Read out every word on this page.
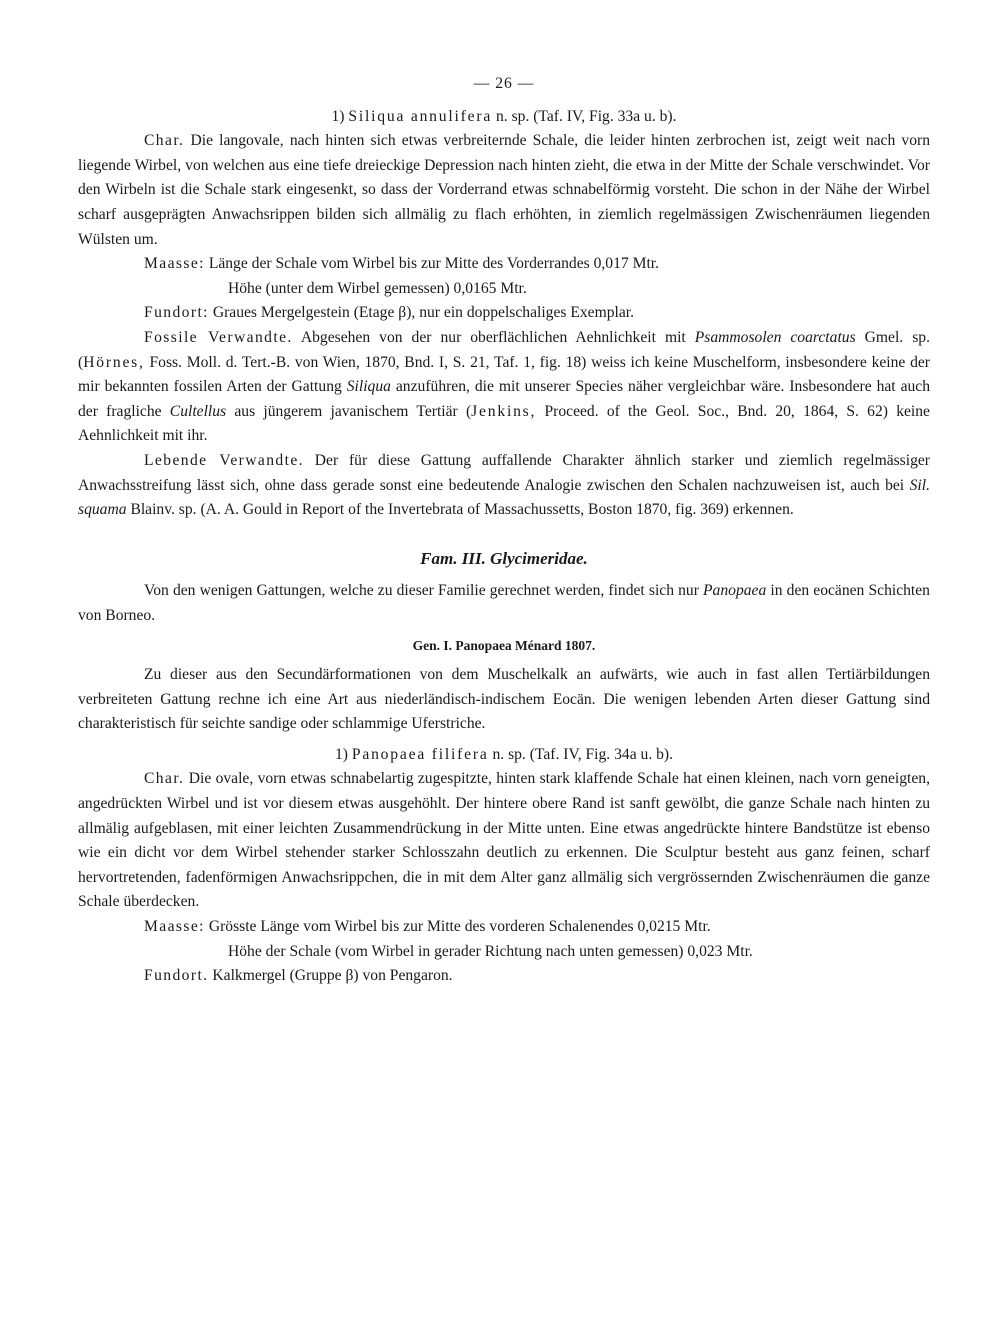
— 26 —
1) Siliqua annulifera n. sp. (Taf. IV, Fig. 33a u. b).

Char. Die langovale, nach hinten sich etwas verbreiternde Schale, die leider hinten zerbrochen ist, zeigt weit nach vorn liegende Wirbel, von welchen aus eine tiefe dreieckige Depression nach hinten zieht, die etwa in der Mitte der Schale verschwindet. Vor den Wirbeln ist die Schale stark eingesenkt, so dass der Vorderrand etwas schnabelförmig vorsteht. Die schon in der Nähe der Wirbel scharf ausgeprägten Anwachsrippen bilden sich allmälig zu flach erhöhten, in ziemlich regelmässigen Zwischenräumen liegenden Wülsten um.

Maasse: Länge der Schale vom Wirbel bis zur Mitte des Vorderrandes 0,017 Mtr.
Höhe (unter dem Wirbel gemessen) 0,0165 Mtr.

Fundort: Graues Mergelgestein (Etage β), nur ein doppelschaliges Exemplar.

Fossile Verwandte. Abgesehen von der nur oberflächlichen Aehnlichkeit mit Psammosolen coarctatus Gmel. sp. (Hörnes, Foss. Moll. d. Tert.-B. von Wien, 1870, Bnd. I, S. 21, Taf. 1, fig. 18) weiss ich keine Muschelform, insbesondere keine der mir bekannten fossilen Arten der Gattung Siliqua anzuführen, die mit unserer Species näher vergleichbar wäre. Insbesondere hat auch der fragliche Cultellus aus jüngerem javanischem Tertiär (Jenkins, Proceed. of the Geol. Soc., Bnd. 20, 1864, S. 62) keine Aehnlichkeit mit ihr.

Lebende Verwandte. Der für diese Gattung auffallende Charakter ähnlich starker und ziemlich regelmässiger Anwachsstreifung lässt sich, ohne dass gerade sonst eine bedeutende Analogie zwischen den Schalen nachzuweisen ist, auch bei Sil. squama Blainv. sp. (A. A. Gould in Report of the Invertebrata of Massachussetts, Boston 1870, fig. 369) erkennen.

Fam. III. Glycimeridae.

Von den wenigen Gattungen, welche zu dieser Familie gerechnet werden, findet sich nur Panopaea in den eocänen Schichten von Borneo.

Gen. I. Panopaea Ménard 1807.

Zu dieser aus den Secundärformationen von dem Muschelkalk an aufwärts, wie auch in fast allen Tertiärbildungen verbreiteten Gattung rechne ich eine Art aus niederländisch-indischem Eocän. Die wenigen lebenden Arten dieser Gattung sind charakteristisch für seichte sandige oder schlammige Uferstriche.

1) Panopaea filifera n. sp. (Taf. IV, Fig. 34a u. b).

Char. Die ovale, vorn etwas schnabelartig zugespitzte, hinten stark klaffende Schale hat einen kleinen, nach vorn geneigten, angedrückten Wirbel und ist vor diesem etwas ausgehöhlt. Der hintere obere Rand ist sanft gewölbt, die ganze Schale nach hinten zu allmälig aufgeblasen, mit einer leichten Zusammendrückung in der Mitte unten. Eine etwas angedrückte hintere Bandstütze ist ebenso wie ein dicht vor dem Wirbel stehender starker Schlosszahn deutlich zu erkennen. Die Sculptur besteht aus ganz feinen, scharf hervortretenden, fadenförmigen Anwachsrippchen, die in mit dem Alter ganz allmälig sich vergrössernden Zwischenräumen die ganze Schale überdecken.

Maasse: Grösste Länge vom Wirbel bis zur Mitte des vorderen Schalenendes 0,0215 Mtr.
Höhe der Schale (vom Wirbel in gerader Richtung nach unten gemessen) 0,023 Mtr.
Fundort. Kalkmergel (Gruppe β) von Pengaron.
